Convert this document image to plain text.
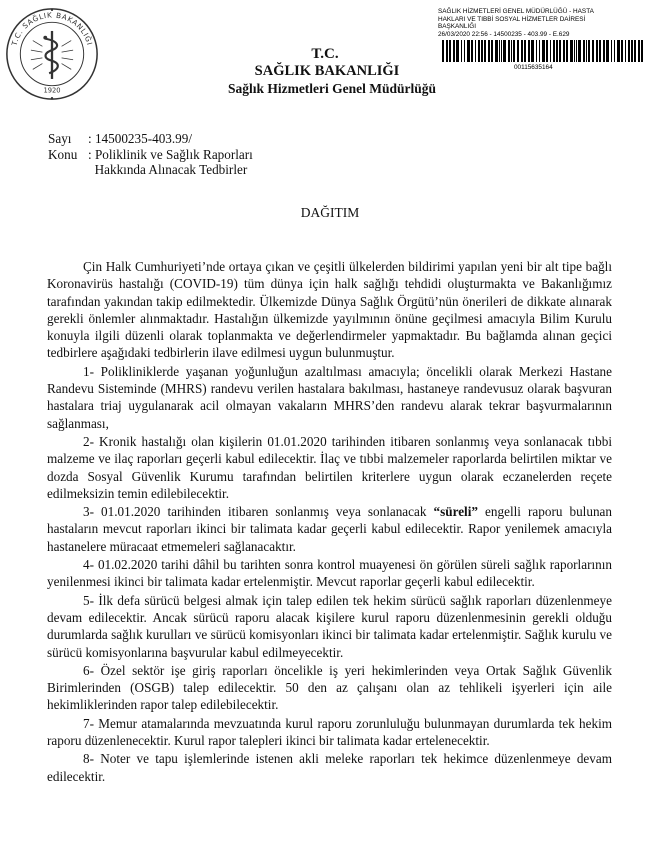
T.C. SAĞLIK BAKANLIĞI
1920
T.C.
SAĞLIK BAKANLIĞI
Sağlık Hizmetleri Genel Müdürlüğü
SAĞLIK HİZMETLERİ GENEL MÜDÜRLÜĞÜ - HASTA
HAKLARI VE TIBBİ SOSYAL HİZMETLER DAİRESİ
BAŞKANLIĞI
26/03/2020 22:56 - 14500235 - 403.99 - E.629
00115635164
Sayı	: 14500235-403.99/
Konu : Poliklinik ve Sağlık Raporları
Hakkında Alınacak Tedbirler
DAĞITIM

Çin Halk Cumhuriyeti’nde ortaya çıkan ve çeşitli ülkelerden bildirimi yapılan yeni bir alt tipe bağlı Koronavirüs hastalığı (COVID-19) tüm dünya için halk sağlığı tehdidi oluşturmakta ve Bakanlığımız tarafından yakından takip edilmektedir. Ülkemizde Dünya Sağlık Örgütü’nün önerileri de dikkate alınarak gerekli önlemler alınmaktadır. Hastalığın ülkemizde yayılmının önüne geçilmesi amacıyla Bilim Kurulu konuyla ilgili düzenli olarak toplanmakta ve değerlendirmeler yapmaktadır. Bu bağlamda alınan geçici tedbirlere aşağıdaki tedbirlerin ilave edilmesi uygun bulunmuştur.

1- Polikliniklerde yaşanan yoğunluğun azaltılması amacıyla; öncelikli olarak Merkezi Hastane Randevu Sisteminde (MHRS) randevu verilen hastalara bakılması, hastaneye randevusuz olarak başvuran hastalara triaj uygulanarak acil olmayan vakaların MHRS’den randevu alarak tekrar başvurmalarının sağlanması,

2- Kronik hastalığı olan kişilerin 01.01.2020 tarihinden itibaren sonlanmış veya sonlanacak tıbbi malzeme ve ilaç raporları geçerli kabul edilecektir. İlaç ve tıbbi malzemeler raporlarda belirtilen miktar ve dozda Sosyal Güvenlik Kurumu tarafından belirtilen kriterlere uygun olarak eczanelerden reçete edilmeksizin temin edilebilecektir.

3- 01.01.2020 tarihinden itibaren sonlanmış veya sonlanacak “süreli” engelli raporu bulunan hastaların mevcut raporları ikinci bir talimata kadar geçerli kabul edilecektir. Rapor yenilemek amacıyla hastanelere müracaat etmemeleri sağlanacaktır.

4- 01.02.2020 tarihi dâhil bu tarihten sonra kontrol muayenesi ön görülen süreli sağlık raporlarının yenilenmesi ikinci bir talimata kadar ertelenmiştir. Mevcut raporlar geçerli kabul edilecektir.

5- İlk defa sürücü belgesi almak için talep edilen tek hekim sürücü sağlık raporları düzenlenmeye devam edilecektir. Ancak sürücü raporu alacak kişilere kurul raporu düzenlenmesinin gerekli olduğu durumlarda sağlık kurulları ve sürücü komisyonları ikinci bir talimata kadar ertelenmiştir. Sağlık kurulu ve sürücü komisyonlarına başvurular kabul edilmeyecektir.

6- Özel sektör işe giriş raporları öncelikle iş yeri hekimlerinden veya Ortak Sağlık Güvenlik Birimlerinden (OSGB) talep edilecektir. 50 den az çalışanı olan az tehlikeli işyerleri için aile hekimliklerinden rapor talep edilebilecektir.

7- Memur atamalarında mevzuatında kurul raporu zorunluluğu bulunmayan durumlarda tek hekim raporu düzenlenecektir. Kurul rapor talepleri ikinci bir talimata kadar ertelenecektir.

8- Noter ve tapu işlemlerinde istenen akli meleke raporları tek hekimce düzenlenmeye devam edilecektir.
